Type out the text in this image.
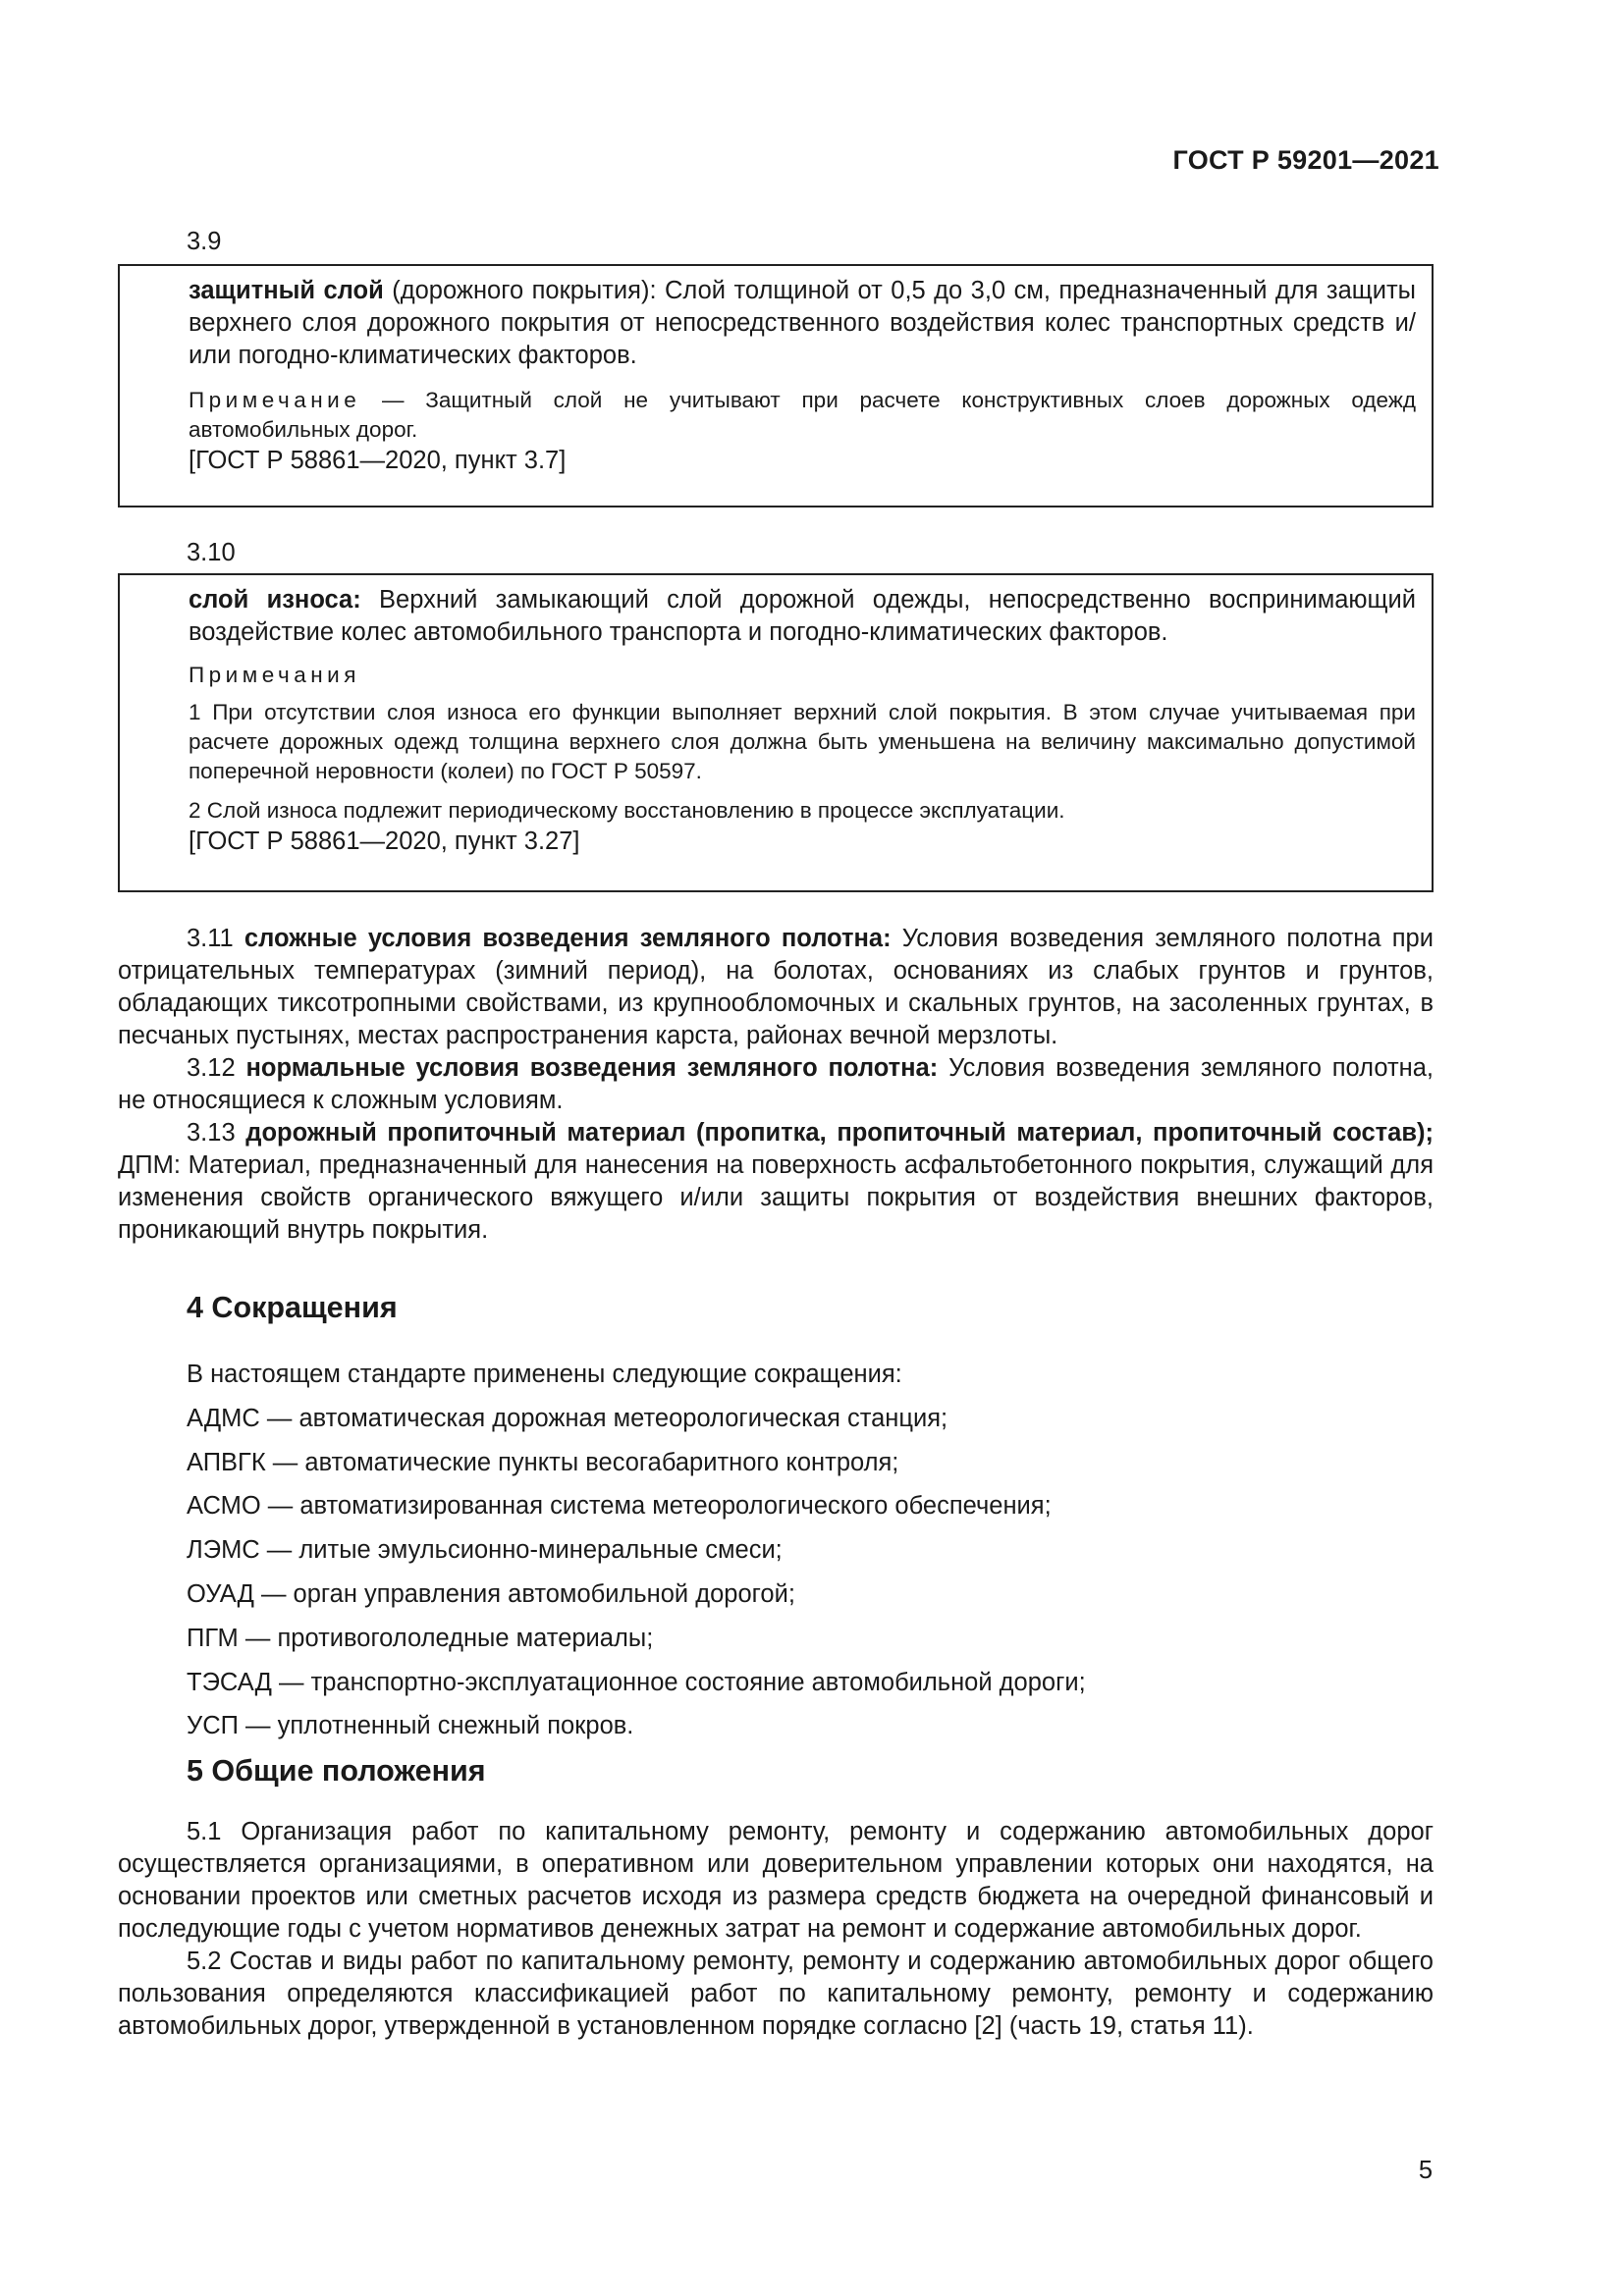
ГОСТ Р 59201—2021
3.9

защитный слой (дорожного покрытия): Слой толщиной от 0,5 до 3,0 см, предназначенный для защиты верхнего слоя дорожного покрытия от непосредственного воздействия колес транспортных средств и/или погодно-климатических факторов.

Примечание — Защитный слой не учитывают при расчете конструктивных слоев дорожных одежд автомобильных дорог.

[ГОСТ Р 58861—2020, пункт 3.7]

3.10

слой износа: Верхний замыкающий слой дорожной одежды, непосредственно воспринимающий воздействие колес автомобильного транспорта и погодно-климатических факторов.

Примечания

1 При отсутствии слоя износа его функции выполняет верхний слой покрытия. В этом случае учитываемая при расчете дорожных одежд толщина верхнего слоя должна быть уменьшена на величину максимально допустимой поперечной неровности (колеи) по ГОСТ Р 50597.

2 Слой износа подлежит периодическому восстановлению в процессе эксплуатации.

[ГОСТ Р 58861—2020, пункт 3.27]

3.11 сложные условия возведения земляного полотна: Условия возведения земляного полотна при отрицательных температурах (зимний период), на болотах, основаниях из слабых грунтов и грунтов, обладающих тиксотропными свойствами, из крупнообломочных и скальных грунтов, на засоленных грунтах, в песчаных пустынях, местах распространения карста, районах вечной мерзлоты.

3.12 нормальные условия возведения земляного полотна: Условия возведения земляного полотна, не относящиеся к сложным условиям.

3.13 дорожный пропиточный материал (пропитка, пропиточный материал, пропиточный состав); ДПМ: Материал, предназначенный для нанесения на поверхность асфальтобетонного покрытия, служащий для изменения свойств органического вяжущего и/или защиты покрытия от воздействия внешних факторов, проникающий внутрь покрытия.

4 Сокращения
В настоящем стандарте применены следующие сокращения:
АДМС — автоматическая дорожная метеорологическая станция;
АПВГК — автоматические пункты весогабаритного контроля;
АСМО — автоматизированная система метеорологического обеспечения;
ЛЭМС — литые эмульсионно-минеральные смеси;
ОУАД — орган управления автомобильной дорогой;
ПГМ — противогололедные материалы;
ТЭСАД — транспортно-эксплуатационное состояние автомобильной дороги;
УСП — уплотненный снежный покров.
5 Общие положения

5.1 Организация работ по капитальному ремонту, ремонту и содержанию автомобильных дорог осуществляется организациями, в оперативном или доверительном управлении которых они находятся, на основании проектов или сметных расчетов исходя из размера средств бюджета на очередной финансовый и последующие годы с учетом нормативов денежных затрат на ремонт и содержание автомобильных дорог.

5.2 Состав и виды работ по капитальному ремонту, ремонту и содержанию автомобильных дорог общего пользования определяются классификацией работ по капитальному ремонту, ремонту и содержанию автомобильных дорог, утвержденной в установленном порядке согласно [2] (часть 19, статья 11).

5
